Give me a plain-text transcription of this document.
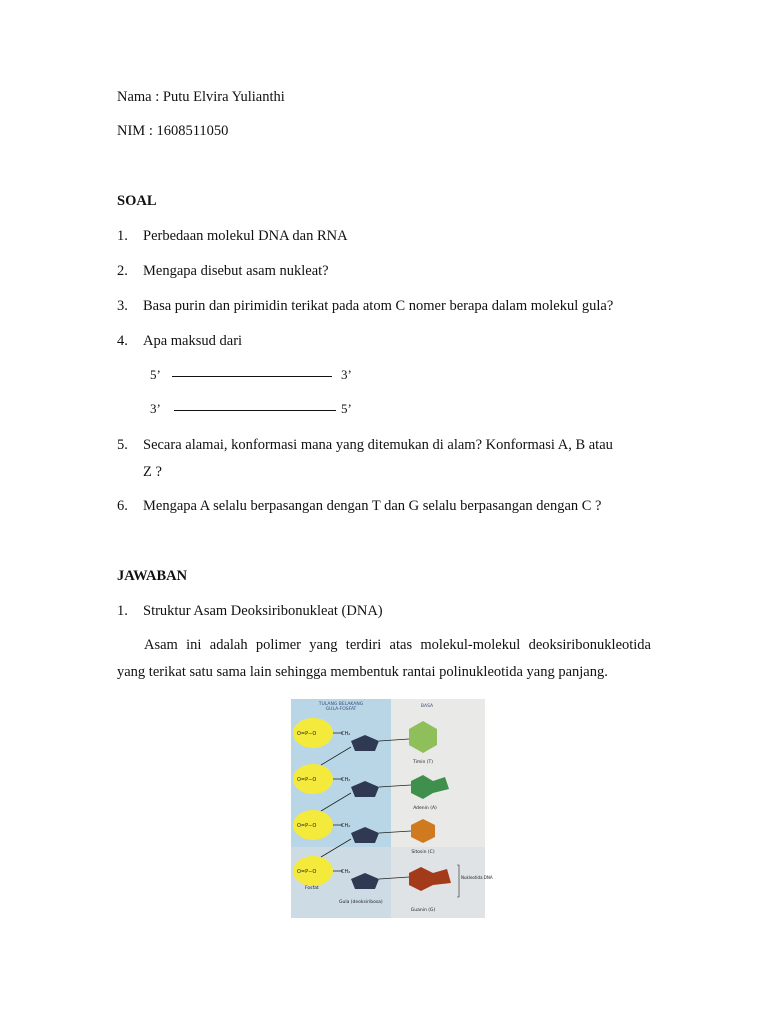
Nama : Putu Elvira Yulianthi
NIM : 1608511050
SOAL
1. Perbedaan molekul DNA dan RNA
2. Mengapa disebut asam nukleat?
3. Basa purin dan pirimidin terikat pada atom C nomer berapa dalam molekul gula?
4. Apa maksud dari
5’	3’
3’	5’
5. Secara alamai, konformasi mana yang ditemukan di alam? Konformasi A, B atau
Z ?
6. Mengapa A selalu berpasangan dengan T dan G selalu berpasangan dengan C ?
JAWABAN
1. Struktur Asam Deoksiribonukleat (DNA)
Asam ini adalah polimer yang terdiri atas molekul-molekul deoksiribonukleotida
yang terikat satu sama lain sehingga membentuk rantai polinukleotida yang panjang.
TULANG BELAKANG
GULA-FOSFAT
BASA
O=P−O
O=P−O
O=P−O
O=P−O
Fosfat
CH₂
CH₂
CH₂
CH₂
Gula (deoksiribosa)
Timin (T)
Adenin (A)
Sitosin (C)
Guanin (G)
Nukleotida DNA
